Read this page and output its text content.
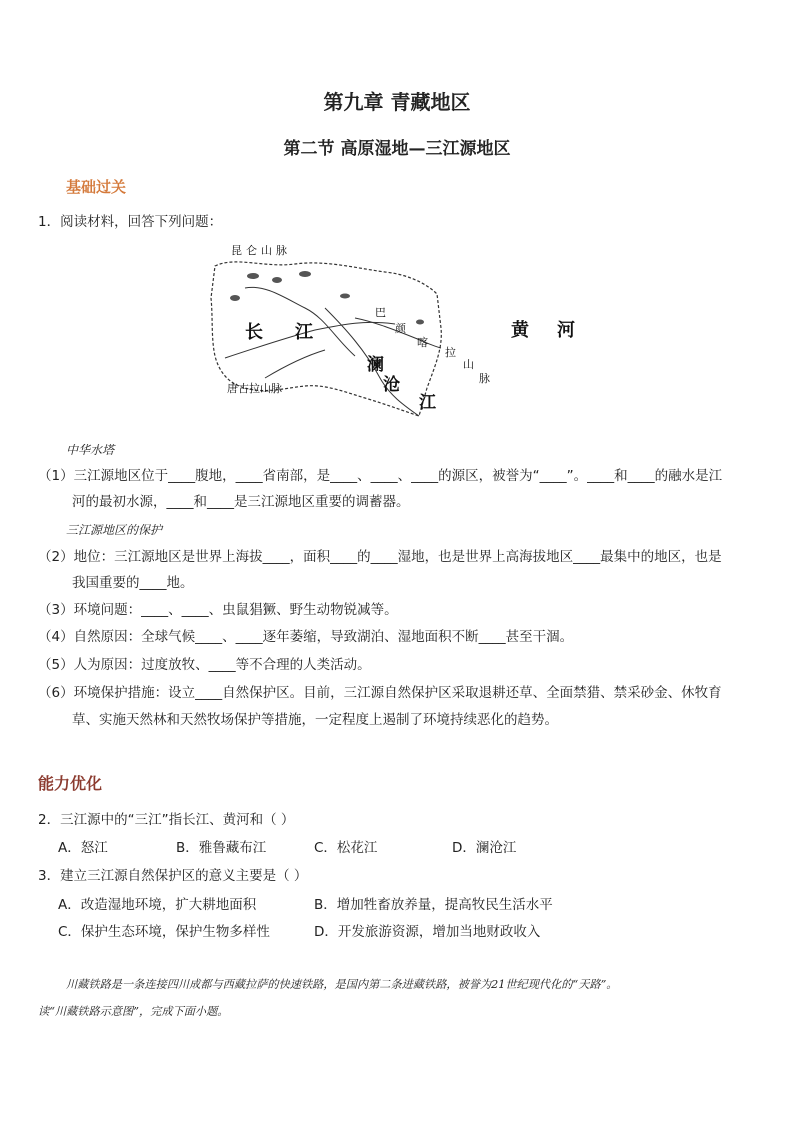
第九章 青藏地区
第二节 高原湿地—三江源地区
基础过关
1．阅读材料，回答下列问题：
昆仑山脉
长 江	黄 河
澜
沧
江
巴
颜
喀
拉
山
脉
唐古拉山脉
中华水塔
（1）三江源地区位于____腹地，____省南部，是____、____、____的源区，被誉为“____”。____和____的融水是江
河的最初水源，____和____是三江源地区重要的调蓄器。
三江源地区的保护
（2）地位：三江源地区是世界上海拔____，面积____的____湿地，也是世界上高海拔地区____最集中的地区，也是
我国重要的____地。
（3）环境问题：____、____、虫鼠猖獗、野生动物锐减等。
（4）自然原因：全球气候____、____逐年萎缩，导致湖泊、湿地面积不断____甚至干涸。
（5）人为原因：过度放牧、____等不合理的人类活动。
（6）环境保护措施：设立____自然保护区。目前，三江源自然保护区采取退耕还草、全面禁猎、禁采砂金、休牧育
草、实施天然林和天然牧场保护等措施，一定程度上遏制了环境持续恶化的趋势。
能力优化
2．三江源中的“三江”指长江、黄河和（ ）
A．怒江	B．雅鲁藏布江	C．松花江	D．澜沧江
3．建立三江源自然保护区的意义主要是（ ）
A．改造湿地环境，扩大耕地面积	B．增加牲畜放养量，提高牧民生活水平
C．保护生态环境，保护生物多样性	D．开发旅游资源，增加当地财政收入
川藏铁路是一条连接四川成都与西藏拉萨的快速铁路，是国内第二条进藏铁路，被誉为21世纪现代化的“天路”。
读“川藏铁路示意图”，完成下面小题。
